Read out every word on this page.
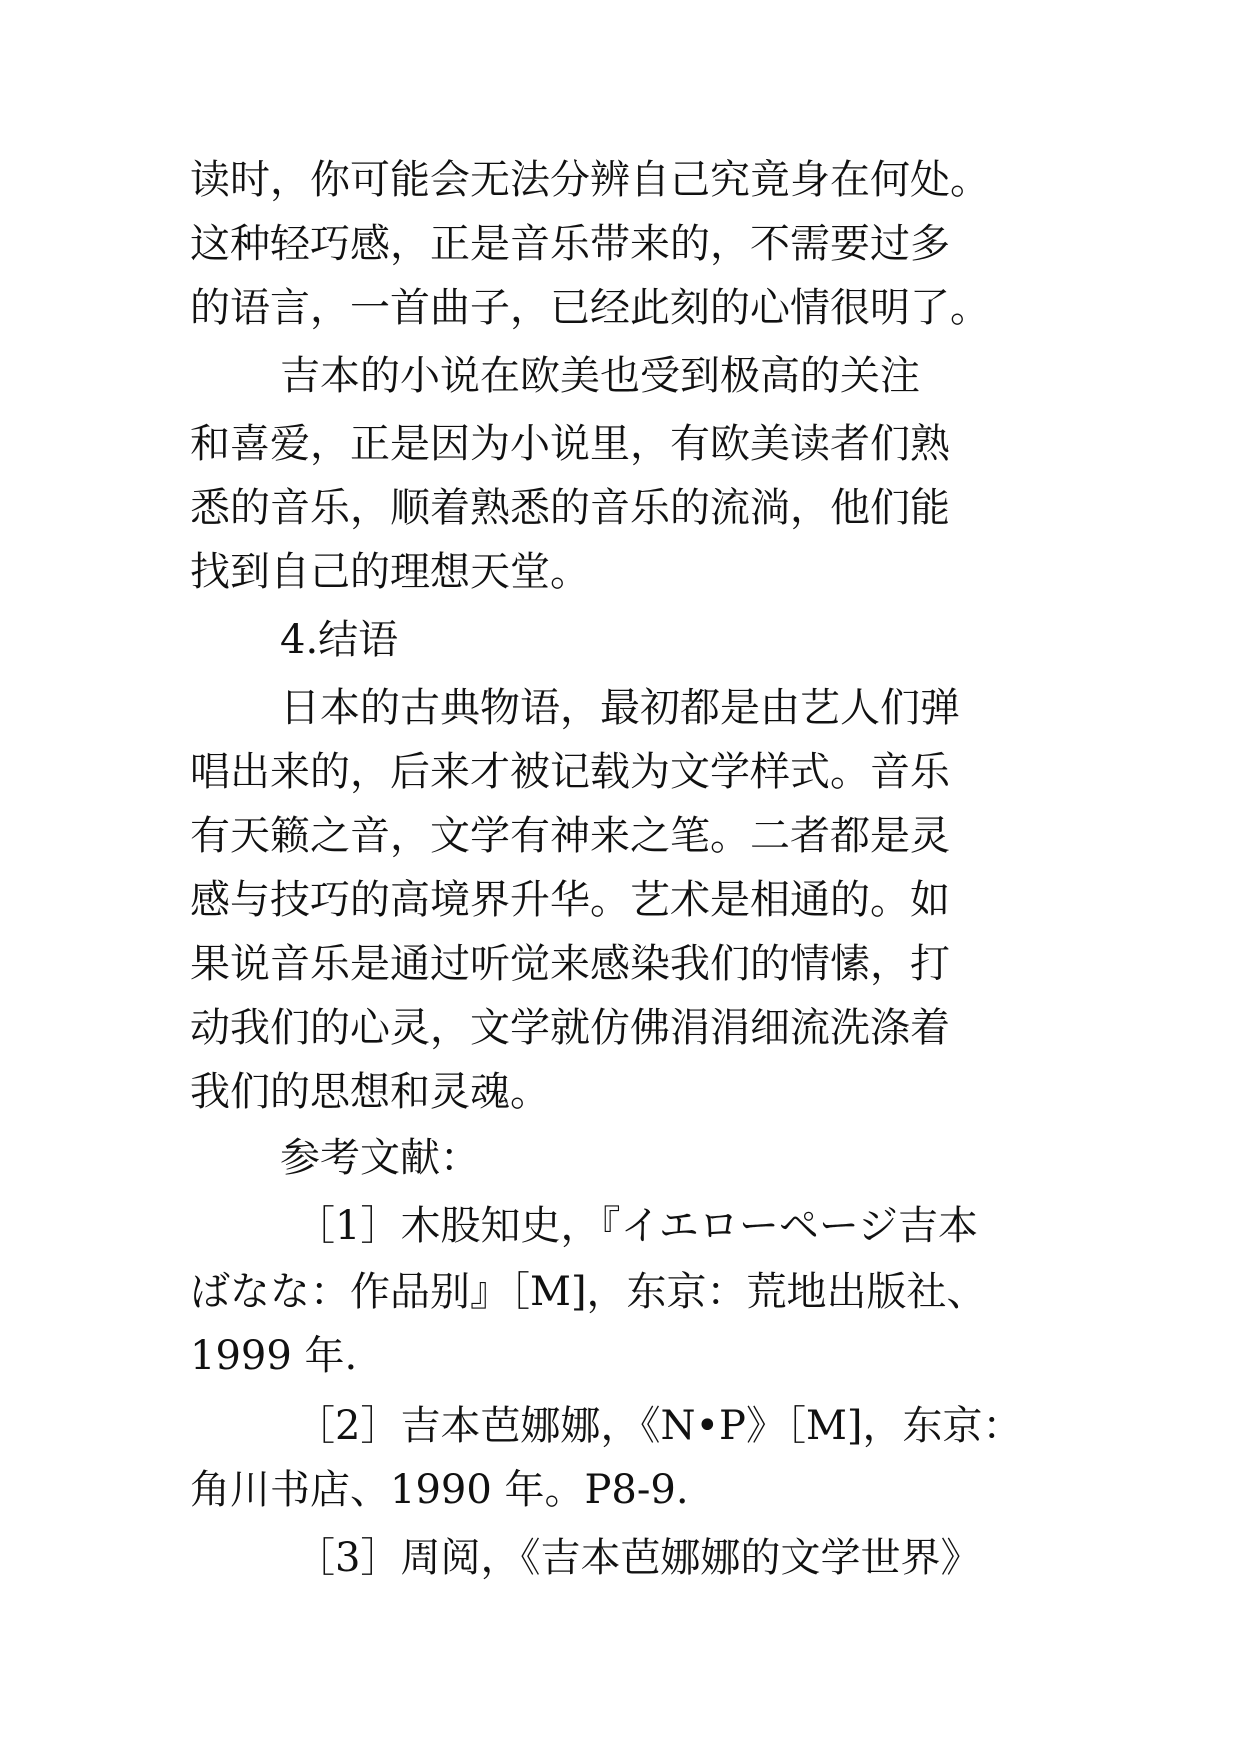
读时，你可能会无法分辨自己究竟身在何处。
这种轻巧感，正是音乐带来的，不需要过多
的语言，一首曲子，已经此刻的心情很明了。
吉本的小说在欧美也受到极高的关注
和喜爱，正是因为小说里，有欧美读者们熟
悉的音乐，顺着熟悉的音乐的流淌，他们能
找到自己的理想天堂。
4.结语
日本的古典物语，最初都是由艺人们弹
唱出来的，后来才被记载为文学样式。音乐
有天籁之音，文学有神来之笔。二者都是灵
感与技巧的高境界升华。艺术是相通的。如
果说音乐是通过听觉来感染我们的情愫，打
动我们的心灵，文学就仿佛涓涓细流洗涤着
我们的思想和灵魂。
参考文献：
［1］木股知史，『イエローページ吉本
ばなな：作品别』［M]，东京：荒地出版社、
1999 年.
［2］吉本芭娜娜，《N•P》［M]，东京：
角川书店、1990 年。P8-9.
［3］周阅，《吉本芭娜娜的文学世界》
